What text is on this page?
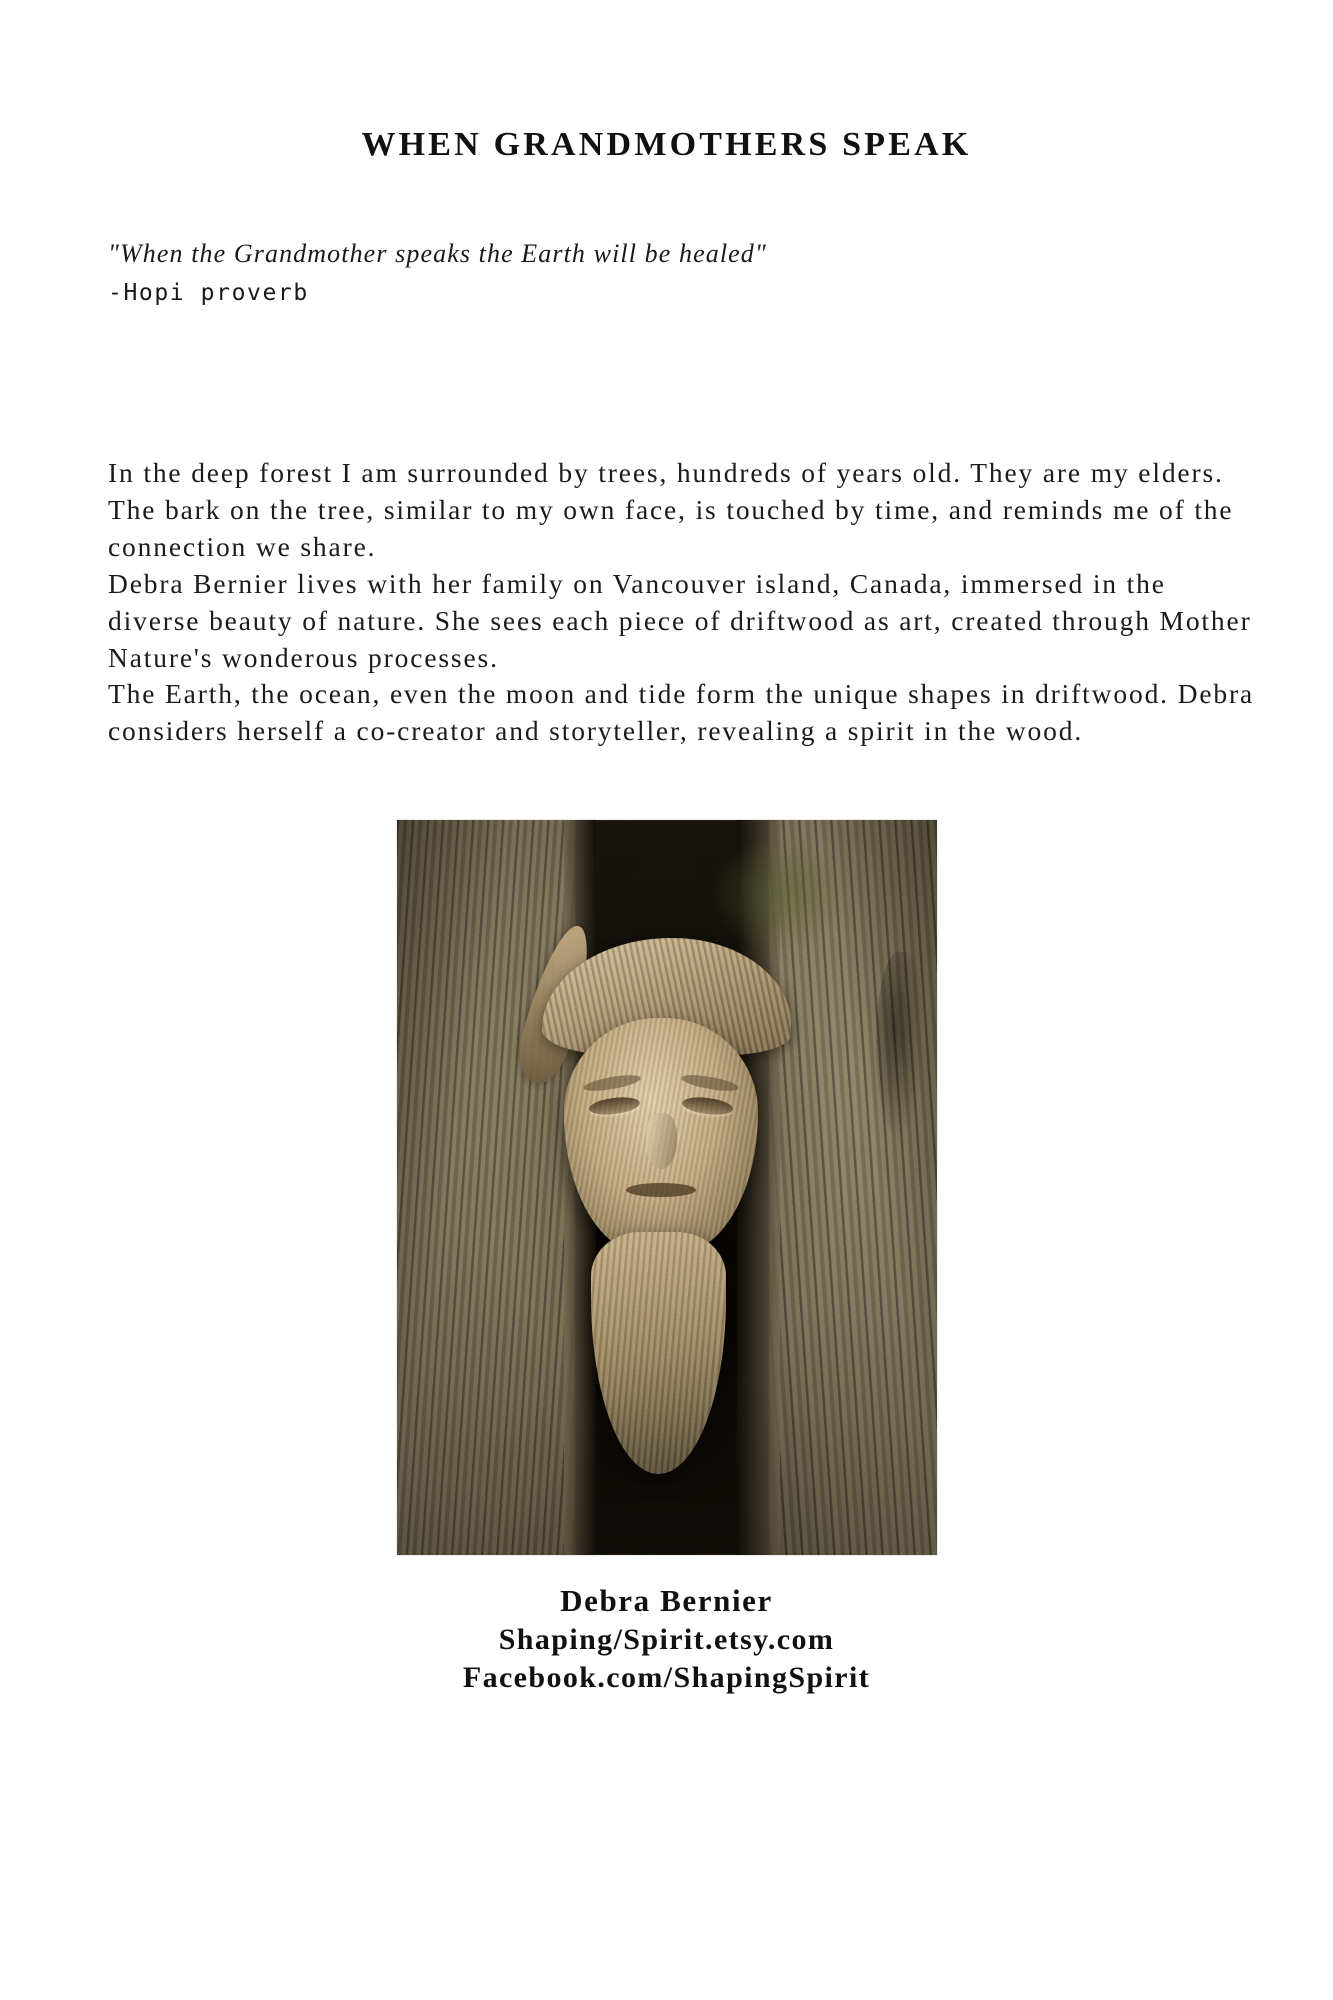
WHEN GRANDMOTHERS SPEAK
"When the Grandmother speaks the Earth will be healed"
-Hopi proverb

In the deep forest I am surrounded by trees, hundreds of years old. They are my elders. The bark on the tree, similar to my own face, is touched by time, and reminds me of the connection we share.

Debra Bernier lives with her family on Vancouver island, Canada, immersed in the diverse beauty of nature. She sees each piece of driftwood as art, created through Mother Nature's wonderous processes.

The Earth, the ocean, even the moon and tide form the unique shapes in driftwood. Debra considers herself a co-creator and storyteller, revealing a spirit in the wood.

Debra Bernier
Shaping/Spirit.etsy.com
Facebook.com/ShapingSpirit
